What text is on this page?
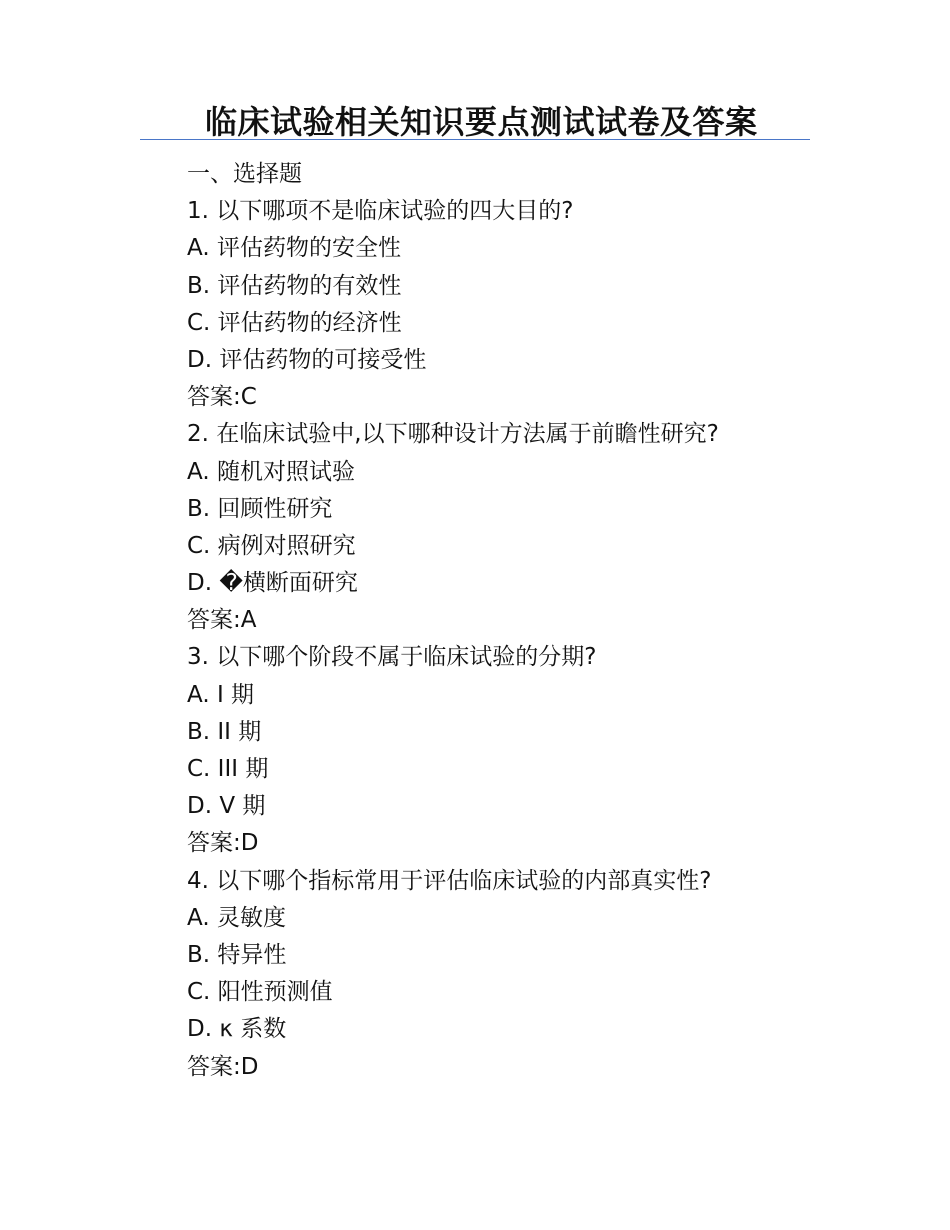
临床试验相关知识要点测试试卷及答案
一、选择题
1. 以下哪项不是临床试验的四大目的?
A. 评估药物的安全性
B. 评估药物的有效性
C. 评估药物的经济性
D. 评估药物的可接受性
答案:C
2. 在临床试验中,以下哪种设计方法属于前瞻性研究?
A. 随机对照试验
B. 回顾性研究
C. 病例对照研究
D. �横断面研究
答案:A
3. 以下哪个阶段不属于临床试验的分期?
A. I 期
B. II 期
C. III 期
D. V 期
答案:D
4. 以下哪个指标常用于评估临床试验的内部真实性?
A. 灵敏度
B. 特异性
C. 阳性预测值
D. κ 系数
答案:D
